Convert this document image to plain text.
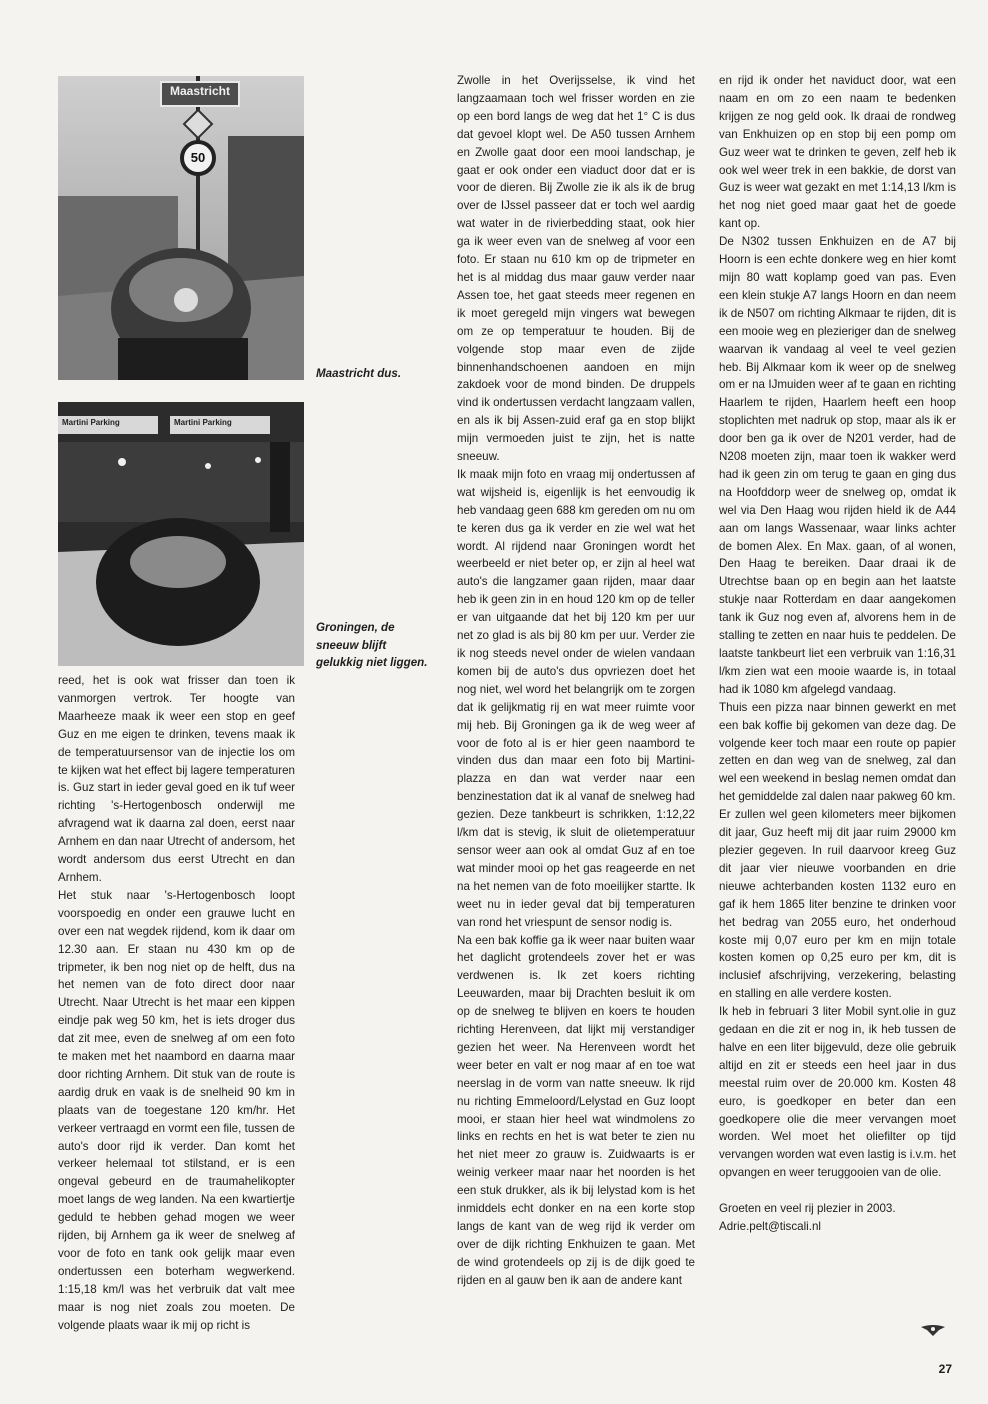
Maastricht
50
Martini Parking	Martini Parking
Maastricht dus.
Groningen, de sneeuw blijft gelukkig niet liggen.

reed, het is ook wat frisser dan toen ik vanmorgen vertrok. Ter hoogte van Maarheeze maak ik weer een stop en geef Guz en me eigen te drinken, tevens maak ik de temperatuursensor van de injectie los om te kijken wat het effect bij lagere temperaturen is. Guz start in ieder geval goed en ik tuf weer richting 's-Hertogenbosch onderwijl me afvragend wat ik daarna zal doen, eerst naar Arnhem en dan naar Utrecht of andersom, het wordt andersom dus eerst Utrecht en dan Arnhem.

Het stuk naar 's-Hertogenbosch loopt voorspoedig en onder een grauwe lucht en over een nat wegdek rijdend, kom ik daar om 12.30 aan. Er staan nu 430 km op de tripmeter, ik ben nog niet op de helft, dus na het nemen van de foto direct door naar Utrecht. Naar Utrecht is het maar een kippen eindje pak weg 50 km, het is iets droger dus dat zit mee, even de snelweg af om een foto te maken met het naambord en daarna maar door richting Arnhem. Dit stuk van de route is aardig druk en vaak is de snelheid 90 km in plaats van de toegestane 120 km/hr. Het verkeer vertraagd en vormt een file, tussen de auto's door rijd ik verder. Dan komt het verkeer helemaal tot stilstand, er is een ongeval gebeurd en de traumahelikopter moet langs de weg landen. Na een kwartiertje geduld te hebben gehad mogen we weer rijden, bij Arnhem ga ik weer de snelweg af voor de foto en tank ook gelijk maar even ondertussen een boterham wegwerkend. 1:15,18 km/l was het verbruik dat valt mee maar is nog niet zoals zou moeten. De volgende plaats waar ik mij op richt is

Zwolle in het Overijsselse, ik vind het langzaamaan toch wel frisser worden en zie op een bord langs de weg dat het 1° C is dus dat gevoel klopt wel. De A50 tussen Arnhem en Zwolle gaat door een mooi landschap, je gaat er ook onder een viaduct door dat er is voor de dieren. Bij Zwolle zie ik als ik de brug over de IJssel passeer dat er toch wel aardig wat water in de rivierbedding staat, ook hier ga ik weer even van de snelweg af voor een foto. Er staan nu 610 km op de tripmeter en het is al middag dus maar gauw verder naar Assen toe, het gaat steeds meer regenen en ik moet geregeld mijn vingers wat bewegen om ze op temperatuur te houden. Bij de volgende stop maar even de zijde binnenhandschoenen aandoen en mijn zakdoek voor de mond binden. De druppels vind ik ondertussen verdacht langzaam vallen, en als ik bij Assen-zuid eraf ga en stop blijkt mijn vermoeden juist te zijn, het is natte sneeuw.

Ik maak mijn foto en vraag mij ondertussen af wat wijsheid is, eigenlijk is het eenvoudig ik heb vandaag geen 688 km gereden om nu om te keren dus ga ik verder en zie wel wat het wordt. Al rijdend naar Groningen wordt het weerbeeld er niet beter op, er zijn al heel wat auto's die langzamer gaan rijden, maar daar heb ik geen zin in en houd 120 km op de teller er van uitgaande dat het bij 120 km per uur net zo glad is als bij 80 km per uur. Verder zie ik nog steeds nevel onder de wielen vandaan komen bij de auto's dus opvriezen doet het nog niet, wel word het belangrijk om te zorgen dat ik gelijkmatig rij en wat meer ruimte voor mij heb. Bij Groningen ga ik de weg weer af voor de foto al is er hier geen naambord te vinden dus dan maar een foto bij Martini-plazza en dan wat verder naar een benzinestation dat ik al vanaf de snelweg had gezien. Deze tankbeurt is schrikken, 1:12,22 l/km dat is stevig, ik sluit de olietemperatuur sensor weer aan ook al omdat Guz af en toe wat minder mooi op het gas reageerde en net na het nemen van de foto moeilijker startte. Ik weet nu in ieder geval dat bij temperaturen van rond het vriespunt de sensor nodig is.

Na een bak koffie ga ik weer naar buiten waar het daglicht grotendeels zover het er was verdwenen is. Ik zet koers richting Leeuwarden, maar bij Drachten besluit ik om op de snelweg te blijven en koers te houden richting Herenveen, dat lijkt mij verstandiger gezien het weer. Na Herenveen wordt het weer beter en valt er nog maar af en toe wat neerslag in de vorm van natte sneeuw. Ik rijd nu richting Emmeloord/Lelystad en Guz loopt mooi, er staan hier heel wat windmolens zo links en rechts en het is wat beter te zien nu het niet meer zo grauw is. Zuidwaarts is er weinig verkeer maar naar het noorden is het een stuk drukker, als ik bij lelystad kom is het inmiddels echt donker en na een korte stop langs de kant van de weg rijd ik verder om over de dijk richting Enkhuizen te gaan. Met de wind grotendeels op zij is de dijk goed te rijden en al gauw ben ik aan de andere kant

en rijd ik onder het naviduct door, wat een naam en om zo een naam te bedenken krijgen ze nog geld ook. Ik draai de rondweg van Enkhuizen op en stop bij een pomp om Guz weer wat te drinken te geven, zelf heb ik ook wel weer trek in een bakkie, de dorst van Guz is weer wat gezakt en met 1:14,13 l/km is het nog niet goed maar gaat het de goede kant op.

De N302 tussen Enkhuizen en de A7 bij Hoorn is een echte donkere weg en hier komt mijn 80 watt koplamp goed van pas. Even een klein stukje A7 langs Hoorn en dan neem ik de N507 om richting Alkmaar te rijden, dit is een mooie weg en plezieriger dan de snelweg waarvan ik vandaag al veel te veel gezien heb. Bij Alkmaar kom ik weer op de snelweg om er na IJmuiden weer af te gaan en richting Haarlem te rijden, Haarlem heeft een hoop stoplichten met nadruk op stop, maar als ik er door ben ga ik over de N201 verder, had de N208 moeten zijn, maar toen ik wakker werd had ik geen zin om terug te gaan en ging dus na Hoofddorp weer de snelweg op, omdat ik wel via Den Haag wou rijden hield ik de A44 aan om langs Wassenaar, waar links achter de bomen Alex. En Max. gaan, of al wonen, Den Haag te bereiken. Daar draai ik de Utrechtse baan op en begin aan het laatste stukje naar Rotterdam en daar aangekomen tank ik Guz nog even af, alvorens hem in de stalling te zetten en naar huis te peddelen. De laatste tankbeurt liet een verbruik van 1:16,31 l/km zien wat een mooie waarde is, in totaal had ik 1080 km afgelegd vandaag.

Thuis een pizza naar binnen gewerkt en met een bak koffie bij gekomen van deze dag. De volgende keer toch maar een route op papier zetten en dan weg van de snelweg, zal dan wel een weekend in beslag nemen omdat dan het gemiddelde zal dalen naar pakweg 60 km.

Er zullen wel geen kilometers meer bijkomen dit jaar, Guz heeft mij dit jaar ruim 29000 km plezier gegeven. In ruil daarvoor kreeg Guz dit jaar vier nieuwe voorbanden en drie nieuwe achterbanden kosten 1132 euro en gaf ik hem 1865 liter benzine te drinken voor het bedrag van 2055 euro, het onderhoud koste mij 0,07 euro per km en mijn totale kosten komen op 0,25 euro per km, dit is inclusief afschrijving, verzekering, belasting en stalling en alle verdere kosten.

Ik heb in februari 3 liter Mobil synt.olie in guz gedaan en die zit er nog in, ik heb tussen de halve en een liter bijgevuld, deze olie gebruik altijd en zit er steeds een heel jaar in dus meestal ruim over de 20.000 km. Kosten 48 euro, is goedkoper en beter dan een goedkopere olie die meer vervangen moet worden. Wel moet het oliefilter op tijd vervangen worden wat even lastig is i.v.m. het opvangen en weer teruggooien van de olie.

Groeten en veel rij plezier in 2003.

Adrie.pelt@tiscali.nl

27
